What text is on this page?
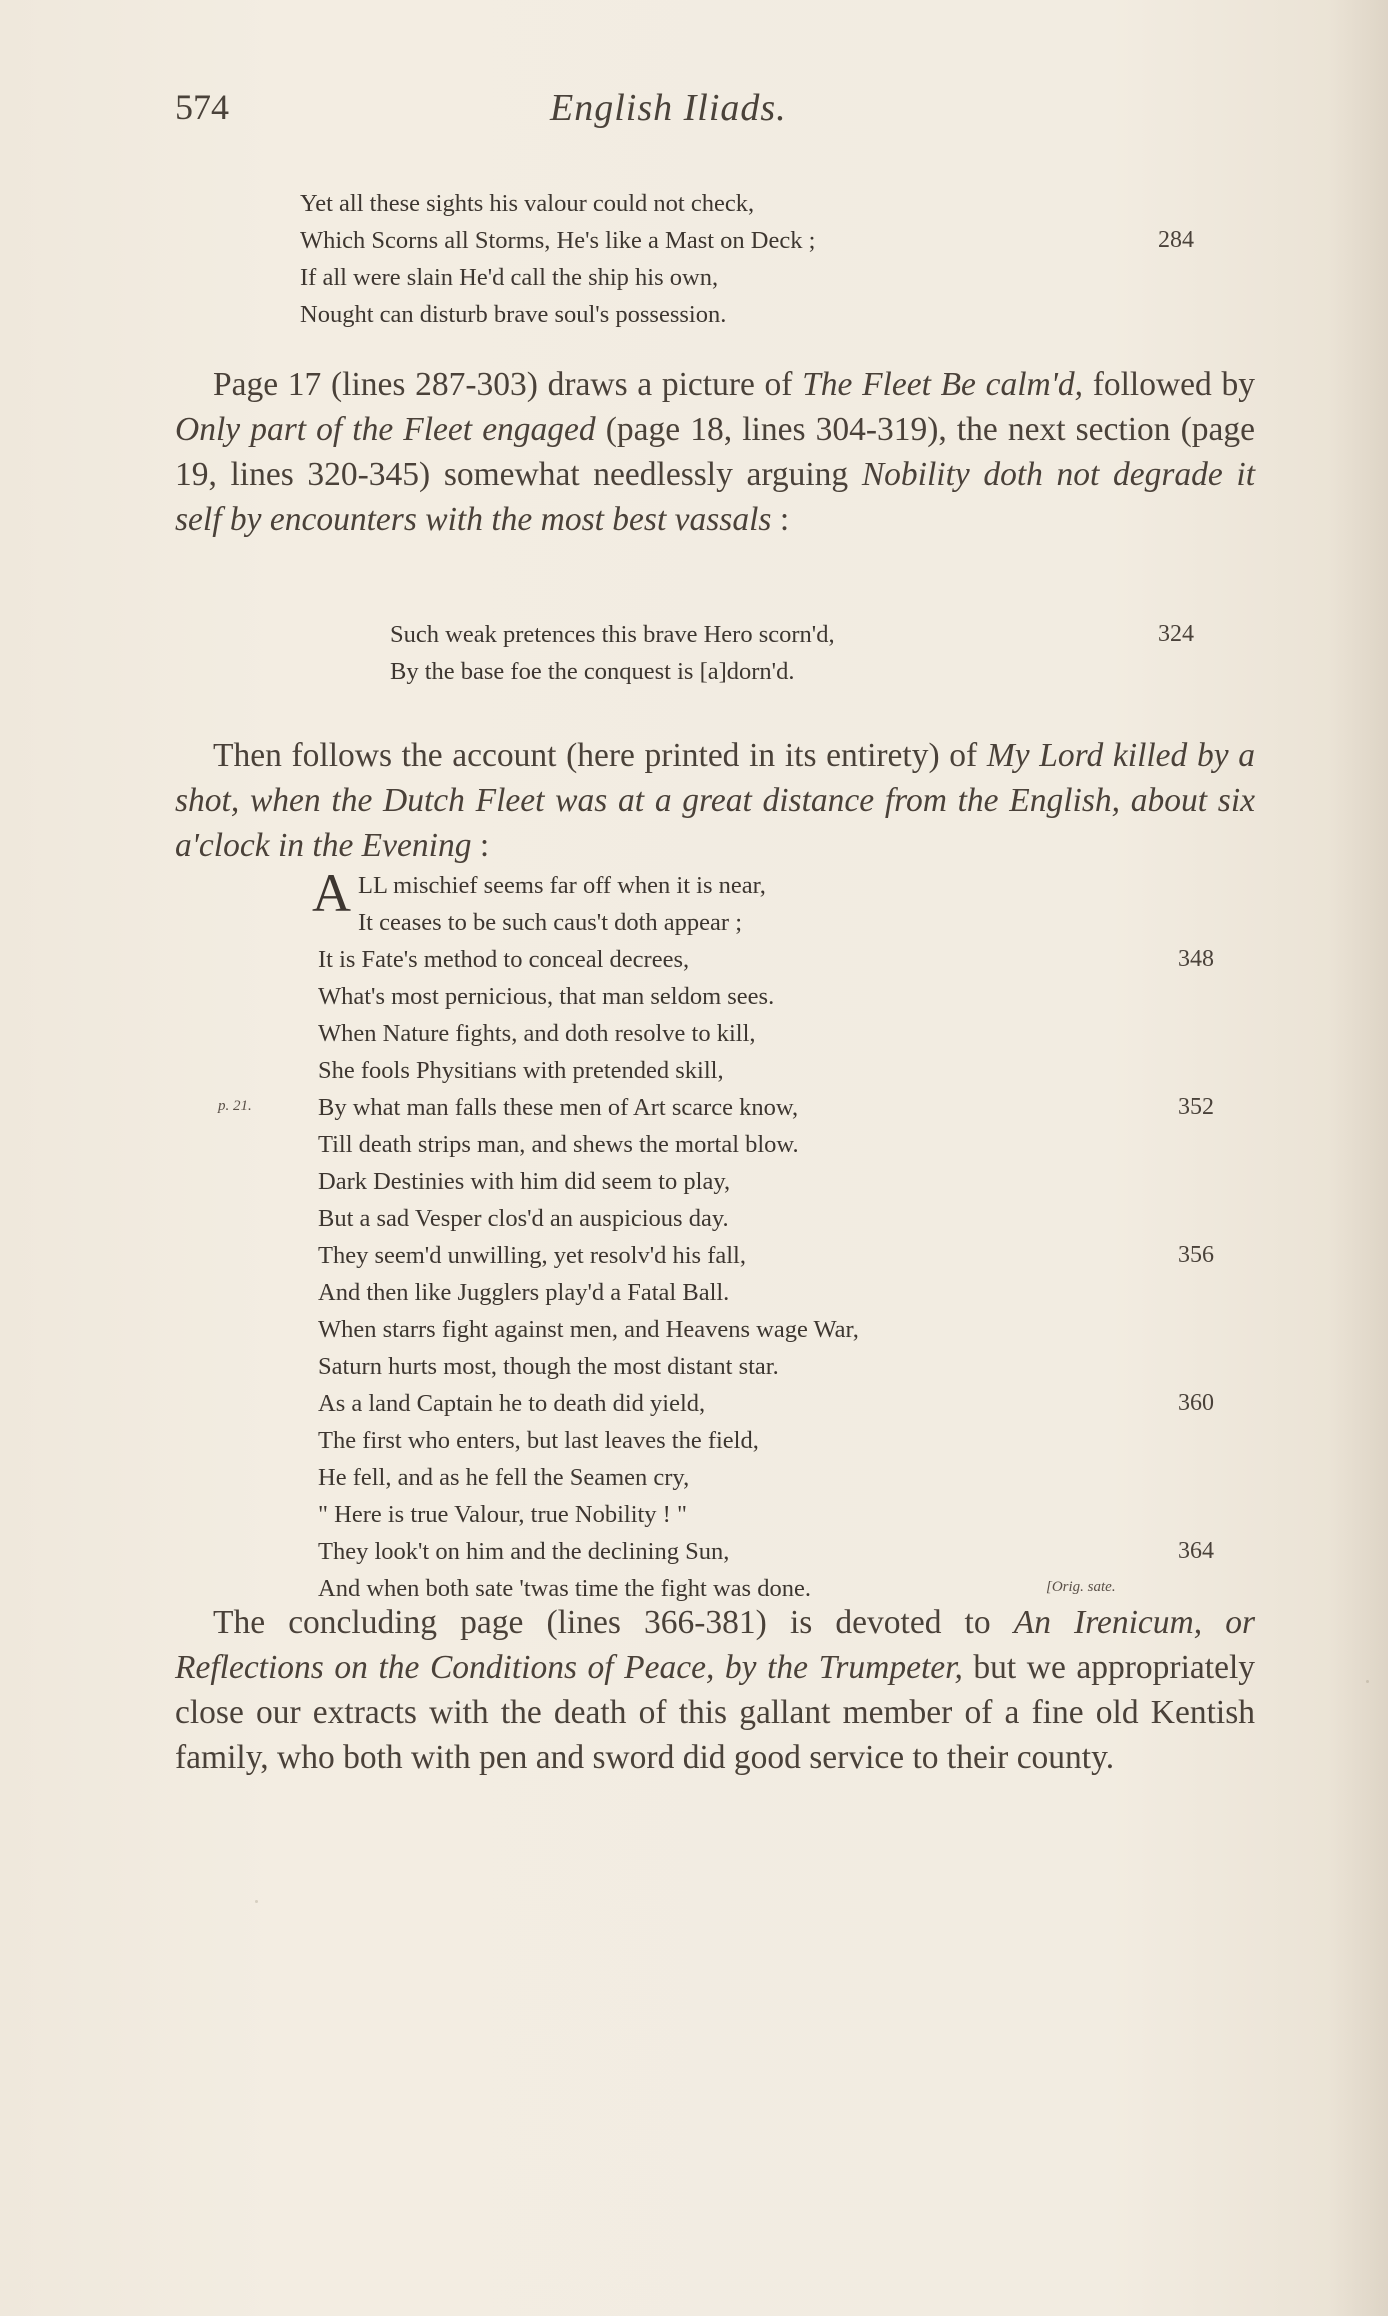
574	English Iliads.
Yet all these sights his valour could not check,
Which Scorns all Storms, He's like a Mast on Deck ;	284
If all were slain He'd call the ship his own,
Nought can disturb brave soul's possession.
Page 17 (lines 287-303) draws a picture of The Fleet Be calm'd, followed by Only part of the Fleet engaged (page 18, lines 304-319), the next section (page 19, lines 320-345) somewhat needlessly arguing Nobility doth not degrade it self by encounters with the most best vassals :
Such weak pretences this brave Hero scorn'd,	324
By the base foe the conquest is [a]dorn'd.
Then follows the account (here printed in its entirety) of My Lord killed by a shot, when the Dutch Fleet was at a great distance from the English, about six a'clock in the Evening :
A LL mischief seems far off when it is near,
It ceases to be such caus't doth appear ;
It is Fate's method to conceal decrees,	348
What's most pernicious, that man seldom sees.
When Nature fights, and doth resolve to kill,
She fools Physitians with pretended skill,
p. 21.	By what man falls these men of Art scarce know,	352
Till death strips man, and shews the mortal blow.
Dark Destinies with him did seem to play,
But a sad Vesper clos'd an auspicious day.
They seem'd unwilling, yet resolv'd his fall,	356
And then like Jugglers play'd a Fatal Ball.
When starrs fight against men, and Heavens wage War,
Saturn hurts most, though the most distant star.
As a land Captain he to death did yield,	360
The first who enters, but last leaves the field,
He fell, and as he fell the Seamen cry,
" Here is true Valour, true Nobility ! "
They look't on him and the declining Sun,	364
And when both sate 'twas time the fight was done.	[Orig. sate.
The concluding page (lines 366-381) is devoted to An Irenicum, or Reflections on the Conditions of Peace, by the Trumpeter, but we appropriately close our extracts with the death of this gallant member of a fine old Kentish family, who both with pen and sword did good service to their county.
